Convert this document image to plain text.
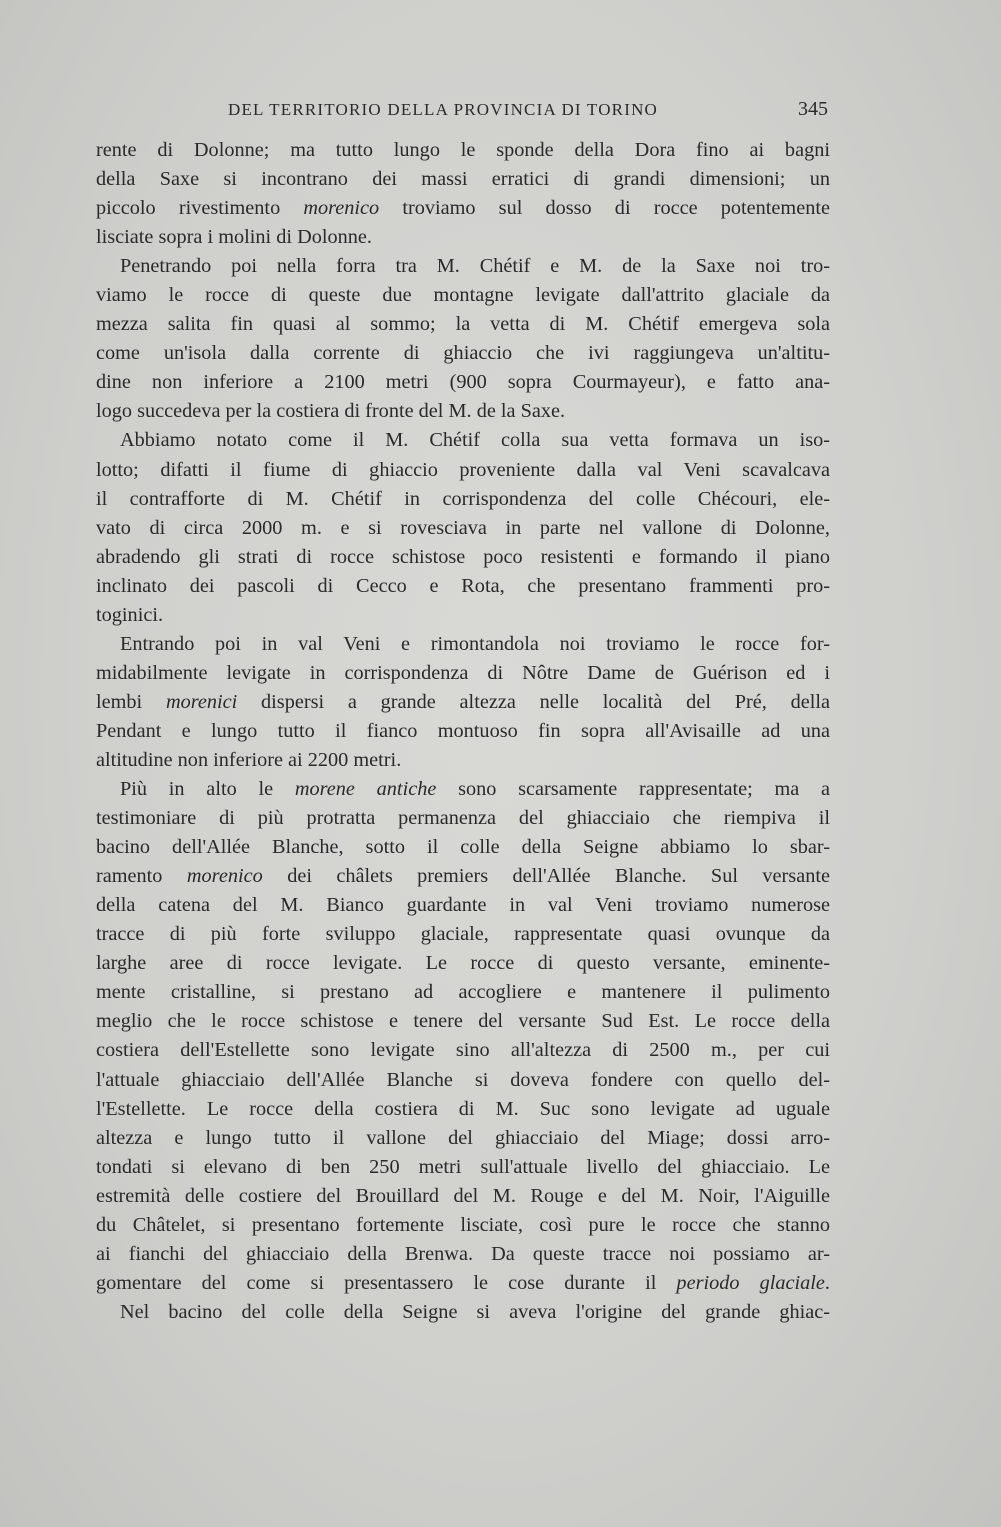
DEL TERRITORIO DELLA PROVINCIA DI TORINO	345
rente di Dolonne; ma tutto lungo le sponde della Dora fino ai bagni
della Saxe si incontrano dei massi erratici di grandi dimensioni; un
piccolo rivestimento morenico troviamo sul dosso di rocce potentemente
lisciate sopra i molini di Dolonne.
Penetrando poi nella forra tra M. Chétif e M. de la Saxe noi tro-
viamo le rocce di queste due montagne levigate dall'attrito glaciale da
mezza salita fin quasi al sommo; la vetta di M. Chétif emergeva sola
come un'isola dalla corrente di ghiaccio che ivi raggiungeva un'altitu-
dine non inferiore a 2100 metri (900 sopra Courmayeur), e fatto ana-
logo succedeva per la costiera di fronte del M. de la Saxe.
Abbiamo notato come il M. Chétif colla sua vetta formava un iso-
lotto; difatti il fiume di ghiaccio proveniente dalla val Veni scavalcava
il contrafforte di M. Chétif in corrispondenza del colle Chécouri, ele-
vato di circa 2000 m. e si rovesciava in parte nel vallone di Dolonne,
abradendo gli strati di rocce schistose poco resistenti e formando il piano
inclinato dei pascoli di Cecco e Rota, che presentano frammenti pro-
toginici.
Entrando poi in val Veni e rimontandola noi troviamo le rocce for-
midabilmente levigate in corrispondenza di Nôtre Dame de Guérison ed i
lembi morenici dispersi a grande altezza nelle località del Pré, della
Pendant e lungo tutto il fianco montuoso fin sopra all'Avisaille ad una
altitudine non inferiore ai 2200 metri.
Più in alto le morene antiche sono scarsamente rappresentate; ma a
testimoniare di più protratta permanenza del ghiacciaio che riempiva il
bacino dell'Allée Blanche, sotto il colle della Seigne abbiamo lo sbar-
ramento morenico dei châlets premiers dell'Allée Blanche. Sul versante
della catena del M. Bianco guardante in val Veni troviamo numerose
tracce di più forte sviluppo glaciale, rappresentate quasi ovunque da
larghe aree di rocce levigate. Le rocce di questo versante, eminente-
mente cristalline, si prestano ad accogliere e mantenere il pulimento
meglio che le rocce schistose e tenere del versante Sud Est. Le rocce della
costiera dell'Estellette sono levigate sino all'altezza di 2500 m., per cui
l'attuale ghiacciaio dell'Allée Blanche si doveva fondere con quello del-
l'Estellette. Le rocce della costiera di M. Suc sono levigate ad uguale
altezza e lungo tutto il vallone del ghiacciaio del Miage; dossi arro-
tondati si elevano di ben 250 metri sull'attuale livello del ghiacciaio. Le
estremità delle costiere del Brouillard del M. Rouge e del M. Noir, l'Aiguille
du Châtelet, si presentano fortemente lisciate, così pure le rocce che stanno
ai fianchi del ghiacciaio della Brenwa. Da queste tracce noi possiamo ar-
gomentare del come si presentassero le cose durante il periodo glaciale.
Nel bacino del colle della Seigne si aveva l'origine del grande ghiac-
